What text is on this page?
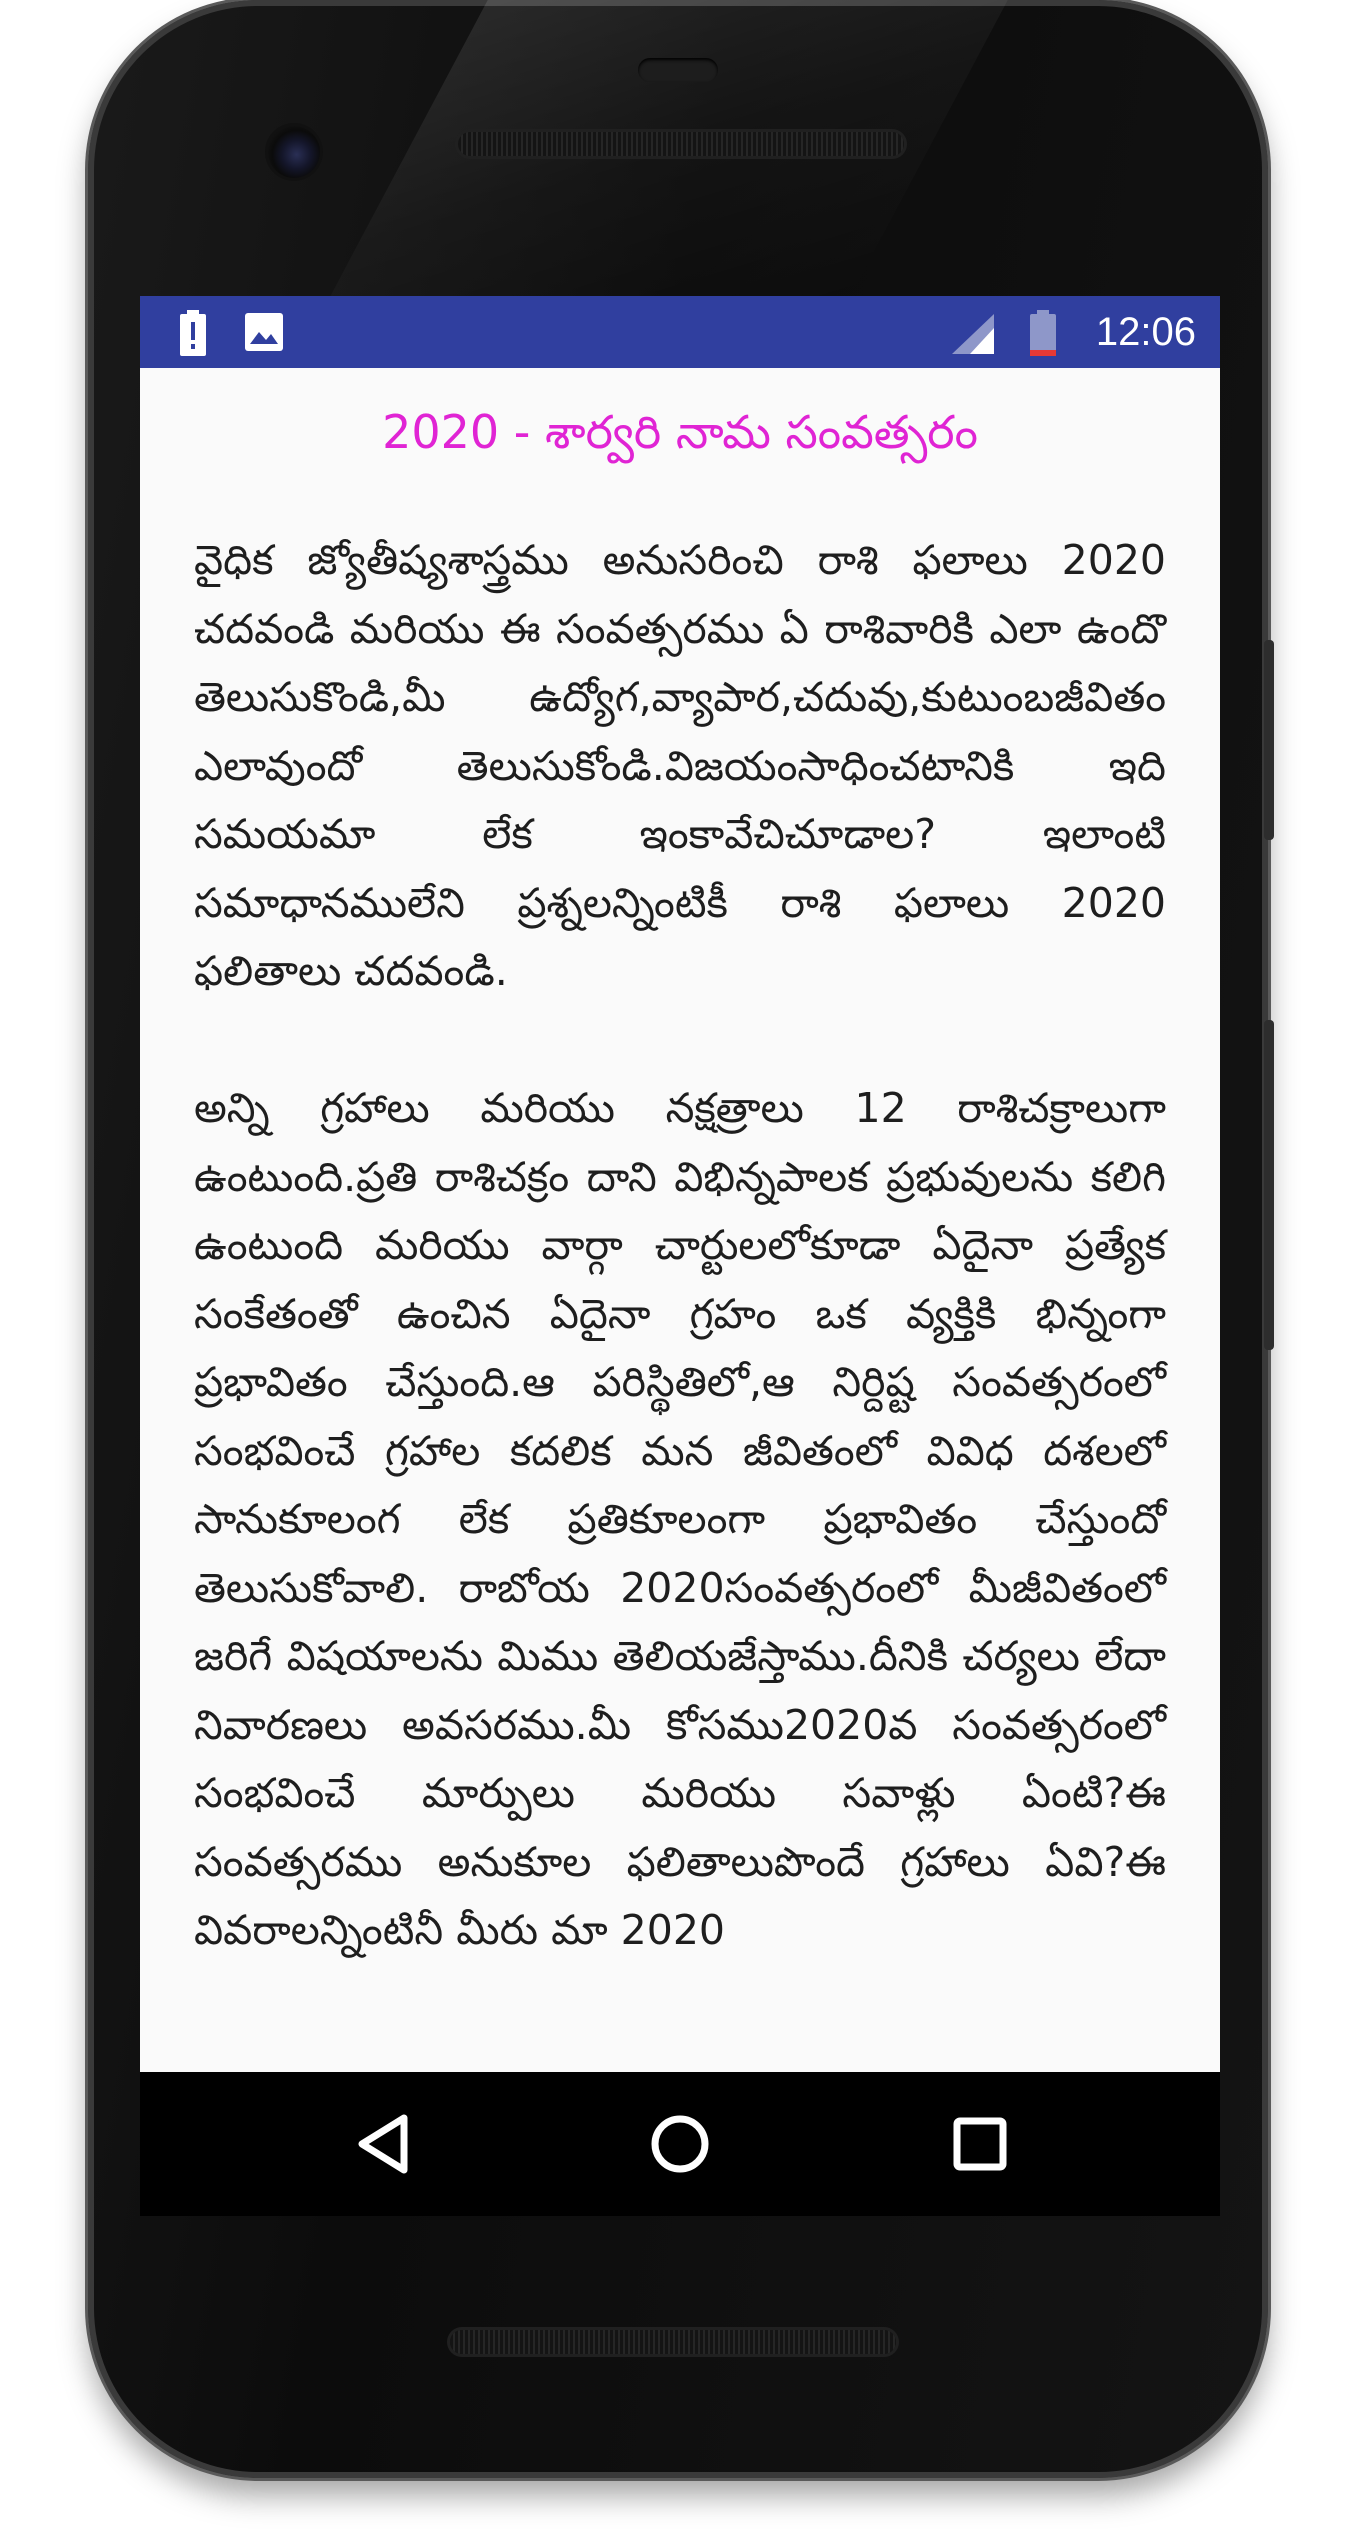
12:06
2020 - శార్వరి నామ సంవత్సరం

వైధిక జ్యోతీష్యశాస్త్రము అనుసరించి రాశి ఫలాలు 2020 చదవండి మరియు ఈ సంవత్సరము ఏ రాశివారికి ఎలా ఉందొ తెలుసుకొండి,మీ ఉద్యోగ,వ్యాపార,చదువు,కుటుంబజీవితం ఎలావుందో తెలుసుకోండి.విజయంసాధించటానికి ఇది సమయమా లేక ఇంకావేచిచూడాల? ఇలాంటి సమాధానములేని ప్రశ్నలన్నింటికీ రాశి ఫలాలు 2020 ఫలితాలు చదవండి.

అన్ని గ్రహాలు మరియు నక్షత్రాలు 12 రాశిచక్రాలుగా ఉంటుంది.ప్రతి రాశిచక్రం దాని విభిన్నపాలక ప్రభువులను కలిగి ఉంటుంది మరియు వార్గా చార్టులలోకూడా ఏదైనా ప్రత్యేక సంకేతంతో ఉంచిన ఏదైనా గ్రహం ఒక వ్యక్తికి భిన్నంగా ప్రభావితం చేస్తుంది.ఆ పరిస్థితిలో,ఆ నిర్దిష్ట సంవత్సరంలో సంభవించే గ్రహాల కదలిక మన జీవితంలో వివిధ దశలలో సానుకూలంగ లేక ప్రతికూలంగా ప్రభావితం చేస్తుందో తెలుసుకోవాలి. రాబోయ 2020సంవత్సరంలో మీజీవితంలో జరిగే విషయాలను మిము తెలియజేస్తాము.దీనికి చర్యలు లేదా నివారణలు అవసరము.మీ కోసము2020వ సంవత్సరంలో సంభవించే మార్పులు మరియు సవాళ్లు ఏంటి?ఈ సంవత్సరము అనుకూల ఫలితాలుపొందే గ్రహాలు ఏవి?ఈ వివరాలన్నింటినీ మీరు మా 2020
